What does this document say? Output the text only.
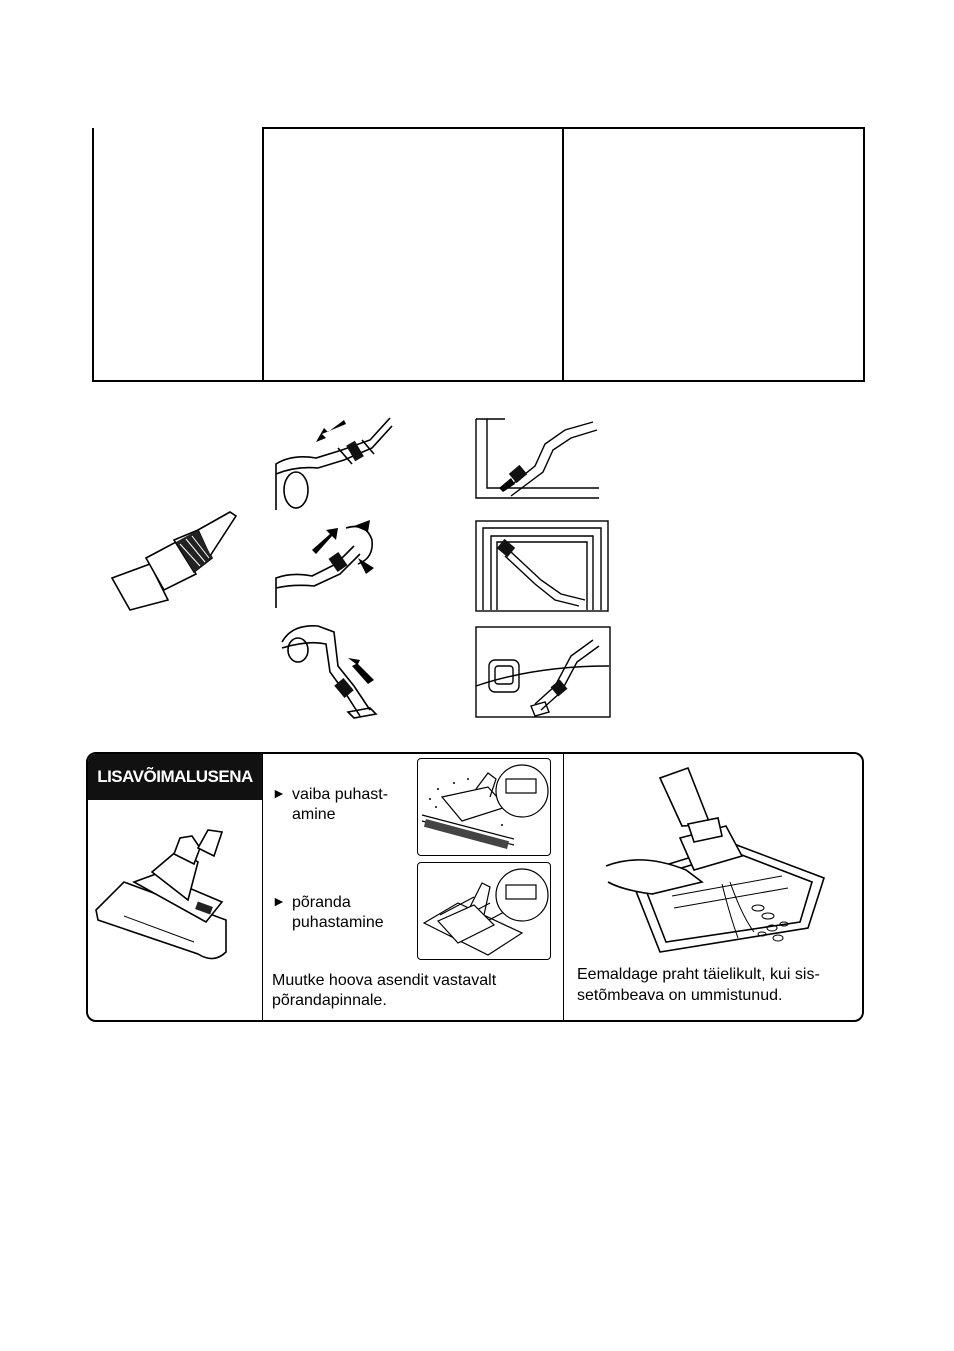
LISAVÕIMALUSENA
► vaiba puhast-
amine
► põranda
puhastamine
Muutke hoova asendit vastavalt
põrandapinnale.
Eemaldage praht täielikult, kui sis-
setõmbeava on ummistunud.
